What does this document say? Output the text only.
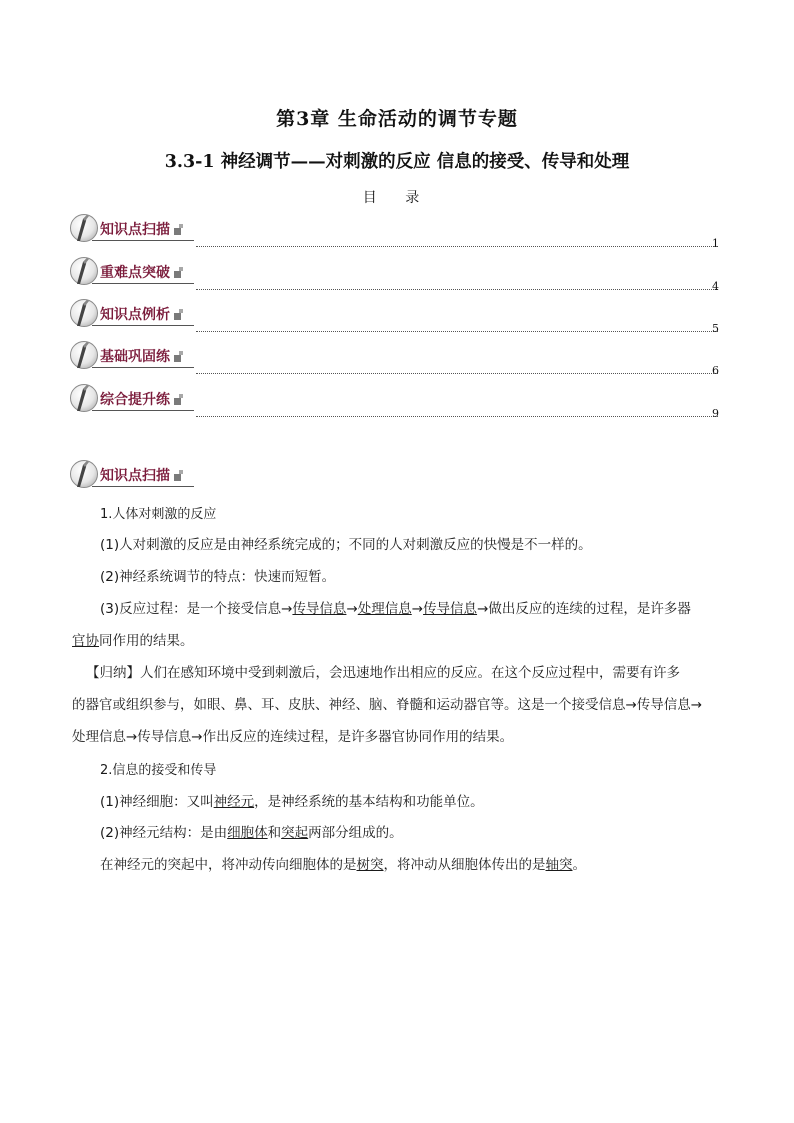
第3章 生命活动的调节专题
3.3-1 神经调节——对刺激的反应 信息的接受、传导和处理
目 录
知识点扫描
1
重难点突破
4
知识点例析
5
基础巩固练
6
综合提升练
9
知识点扫描
1.人体对刺激的反应
(1)人对刺激的反应是由神经系统完成的；不同的人对刺激反应的快慢是不一样的。
(2)神经系统调节的特点：快速而短暂。
(3)反应过程：是一个接受信息→传导信息→处理信息→传导信息→做出反应的连续的过程，是许多器
官协同作用的结果。
【归纳】人们在感知环境中受到刺激后，会迅速地作出相应的反应。在这个反应过程中，需要有许多
的器官或组织参与，如眼、鼻、耳、皮肤、神经、脑、脊髓和运动器官等。这是一个接受信息→传导信息→
处理信息→传导信息→作出反应的连续过程，是许多器官协同作用的结果。
2.信息的接受和传导
(1)神经细胞：又叫神经元，是神经系统的基本结构和功能单位。
(2)神经元结构：是由细胞体和突起两部分组成的。
在神经元的突起中，将冲动传向细胞体的是树突，将冲动从细胞体传出的是轴突。
